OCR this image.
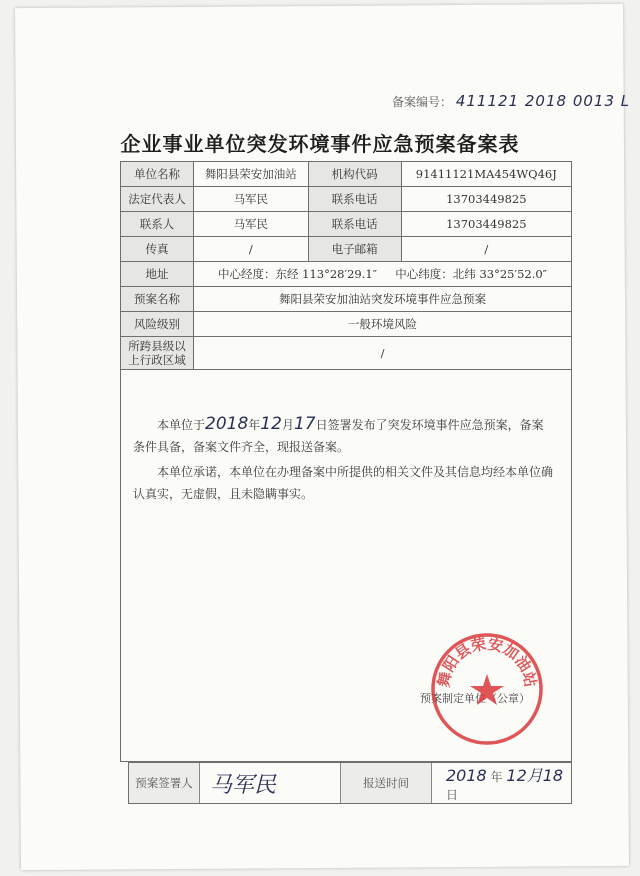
备案编号： 411121 2018 0013 L
企业事业单位突发环境事件应急预案备案表
单位名称	舞阳县荣安加油站	机构代码	91411121MA454WQ46J
法定代表人	马军民	联系电话	13703449825
联系人	马军民	联系电话	13703449825
传真	/	电子邮箱	/
地址	中心经度：东经 113°28′29.1″ 中心纬度：北纬 33°25′52.0″		
预案名称	舞阳县荣安加油站突发环境事件应急预案		
风险级别	一般环境风险		
所跨县级以上行政区域	/		
本单位于2018年12月17日签署发布了突发环境事件应急预案，备案条件具备，备案文件齐全，现报送备案。
本单位承诺，本单位在办理备案中所提供的相关文件及其信息均经本单位确认真实，无虚假，且未隐瞒事实。
预案制定单位（公章）
舞阳县荣安加油站
预案签署人 马军民	报送时间	2018 年 12月18 日
